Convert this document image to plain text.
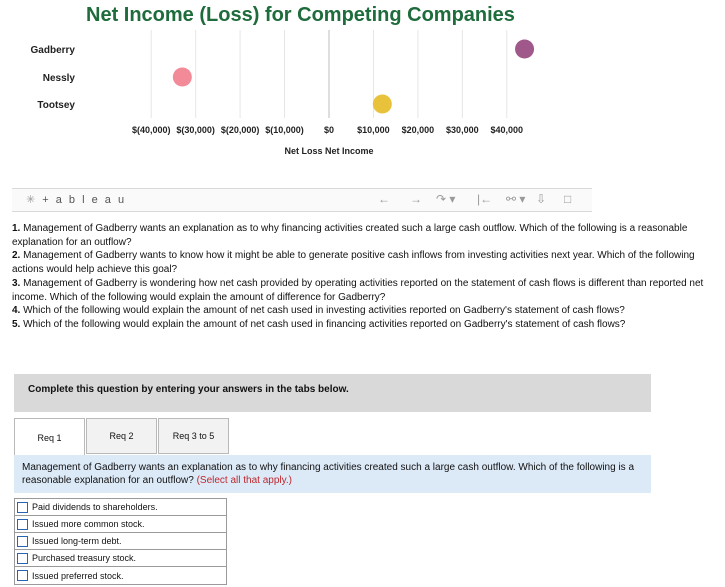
Net Income (Loss) for Competing Companies
Gadberry
Nessly
Tootsey
$(40,000) $(30,000) $(20,000) $(10,000) $0	$10,000 $20,000 $30,000 $40,000
Net Loss Net Income
✳ + a b l e a u	← → ↷ ▾ |← ⚯ ▾ ⇩ □

1. Management of Gadberry wants an explanation as to why financing activities created such a large cash outflow. Which of the following is a reasonable explanation for an outflow?

2. Management of Gadberry wants to know how it might be able to generate positive cash inflows from investing activities next year. Which of the following actions would help achieve this goal?

3. Management of Gadberry is wondering how net cash provided by operating activities reported on the statement of cash flows is different than reported net income. Which of the following would explain the amount of difference for Gadberry?

4. Which of the following would explain the amount of net cash used in investing activities reported on Gadberry's statement of cash flows?

5. Which of the following would explain the amount of net cash used in financing activities reported on Gadberry's statement of cash flows?

Complete this question by entering your answers in the tabs below.
Req 1	Req 2	Req 3 to 5
Management of Gadberry wants an explanation as to why financing activities created such a large cash outflow. Which of the following is a reasonable explanation for an outflow? (Select all that apply.)
Paid dividends to shareholders.
Issued more common stock.
Issued long-term debt.
Purchased treasury stock.
Issued preferred stock.
